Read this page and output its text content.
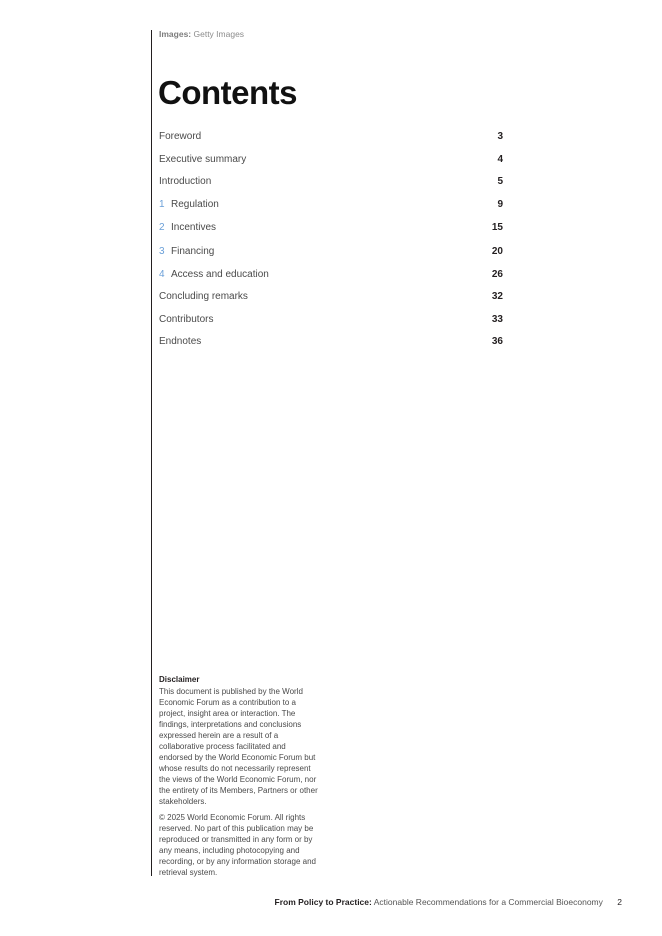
Images: Getty Images
Contents
Foreword	3
Executive summary	4
Introduction	5
1 Regulation	9
2 Incentives	15
3 Financing	20
4 Access and education	26
Concluding remarks	32
Contributors	33
Endnotes	36
Disclaimer

This document is published by the World Economic Forum as a contribution to a project, insight area or interaction. The findings, interpretations and conclusions expressed herein are a result of a collaborative process facilitated and endorsed by the World Economic Forum but whose results do not necessarily represent the views of the World Economic Forum, nor the entirety of its Members, Partners or other stakeholders.

© 2025 World Economic Forum. All rights reserved. No part of this publication may be reproduced or transmitted in any form or by any means, including photocopying and recording, or by any information storage and retrieval system.

From Policy to Practice: Actionable Recommendations for a Commercial Bioeconomy 2
